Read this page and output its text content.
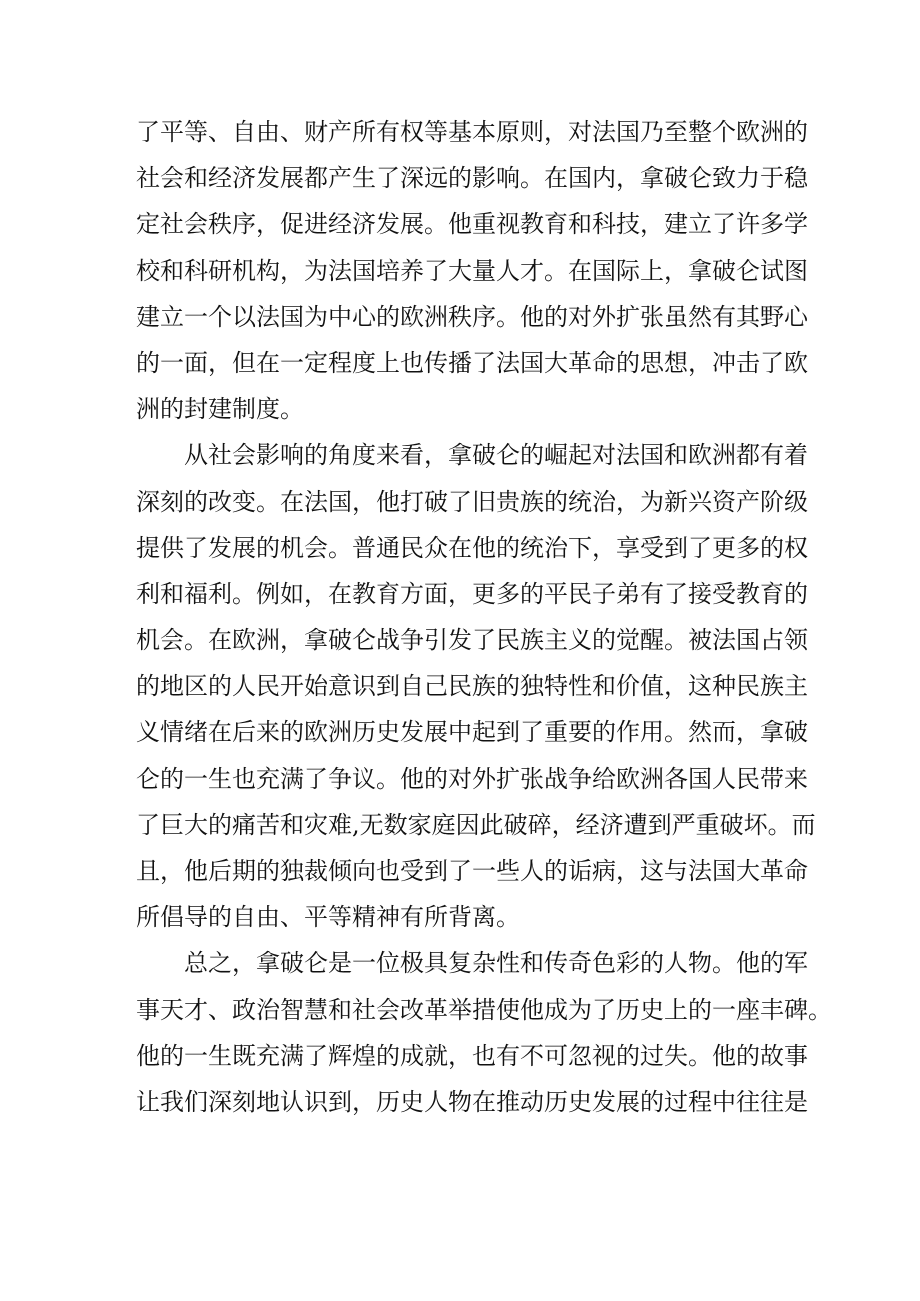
了平等、自由、财产所有权等基本原则，对法国乃至整个欧洲的
社会和经济发展都产生了深远的影响。在国内，拿破仑致力于稳
定社会秩序，促进经济发展。他重视教育和科技，建立了许多学
校和科研机构，为法国培养了大量人才。在国际上，拿破仑试图
建立一个以法国为中心的欧洲秩序。他的对外扩张虽然有其野心
的一面，但在一定程度上也传播了法国大革命的思想，冲击了欧
洲的封建制度。
从社会影响的角度来看，拿破仑的崛起对法国和欧洲都有着
深刻的改变。在法国，他打破了旧贵族的统治，为新兴资产阶级
提供了发展的机会。普通民众在他的统治下，享受到了更多的权
利和福利。例如，在教育方面，更多的平民子弟有了接受教育的
机会。在欧洲，拿破仑战争引发了民族主义的觉醒。被法国占领
的地区的人民开始意识到自己民族的独特性和价值，这种民族主
义情绪在后来的欧洲历史发展中起到了重要的作用。然而，拿破
仑的一生也充满了争议。他的对外扩张战争给欧洲各国人民带来
了巨大的痛苦和灾难,无数家庭因此破碎，经济遭到严重破坏。而
且，他后期的独裁倾向也受到了一些人的诟病，这与法国大革命
所倡导的自由、平等精神有所背离。
总之，拿破仑是一位极具复杂性和传奇色彩的人物。他的军
事天才、政治智慧和社会改革举措使他成为了历史上的一座丰碑。
他的一生既充满了辉煌的成就，也有不可忽视的过失。他的故事
让我们深刻地认识到，历史人物在推动历史发展的过程中往往是
